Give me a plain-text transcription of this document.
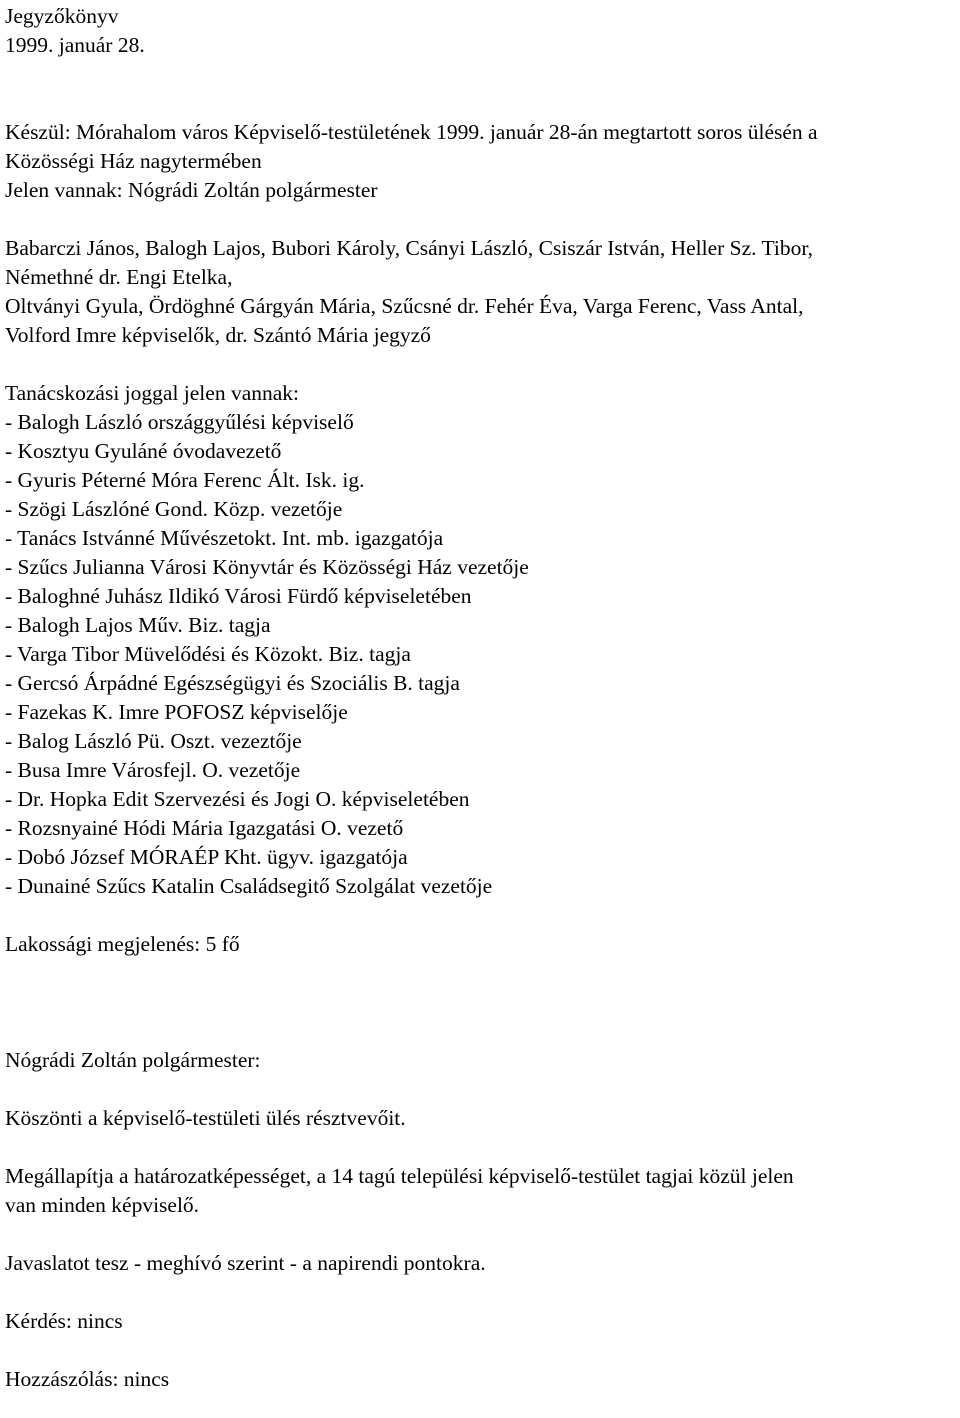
Jegyzőkönyv
1999. január 28.
Készül: Mórahalom város Képviselő-testületének 1999. január 28-án megtartott soros ülésén a
Közösségi Ház nagytermében
Jelen vannak: Nógrádi Zoltán polgármester
Babarczi János, Balogh Lajos, Bubori Károly, Csányi László, Csiszár István, Heller Sz. Tibor,
Némethné dr. Engi Etelka,
Oltványi Gyula, Ördöghné Gárgyán Mária, Szűcsné dr. Fehér Éva, Varga Ferenc, Vass Antal,
Volford Imre képviselők, dr. Szántó Mária jegyző
Tanácskozási joggal jelen vannak:
- Balogh László országgyűlési képviselő
- Kosztyu Gyuláné óvodavezető
- Gyuris Péterné Móra Ferenc Ált. Isk. ig.
- Szögi Lászlóné Gond. Közp. vezetője
- Tanács Istvánné Művészetokt. Int. mb. igazgatója
- Szűcs Julianna Városi Könyvtár és Közösségi Ház vezetője
- Baloghné Juhász Ildikó Városi Fürdő képviseletében
- Balogh Lajos Műv. Biz. tagja
- Varga Tibor Müvelődési és Közokt. Biz. tagja
- Gercsó Árpádné Egészségügyi és Szociális B. tagja
- Fazekas K. Imre POFOSZ képviselője
- Balog László Pü. Oszt. vezeztője
- Busa Imre Városfejl. O. vezetője
- Dr. Hopka Edit Szervezési és Jogi O. képviseletében
- Rozsnyainé Hódi Mária Igazgatási O. vezető
- Dobó József MÓRAÉP Kht. ügyv. igazgatója
- Dunainé Szűcs Katalin Családsegitő Szolgálat vezetője
Lakossági megjelenés: 5 fő
Nógrádi Zoltán polgármester:
Köszönti a képviselő-testületi ülés résztvevőit.
Megállapítja a határozatképességet, a 14 tagú települési képviselő-testület tagjai közül jelen
van minden képviselő.
Javaslatot tesz - meghívó szerint - a napirendi pontokra.
Kérdés: nincs
Hozzászólás: nincs
